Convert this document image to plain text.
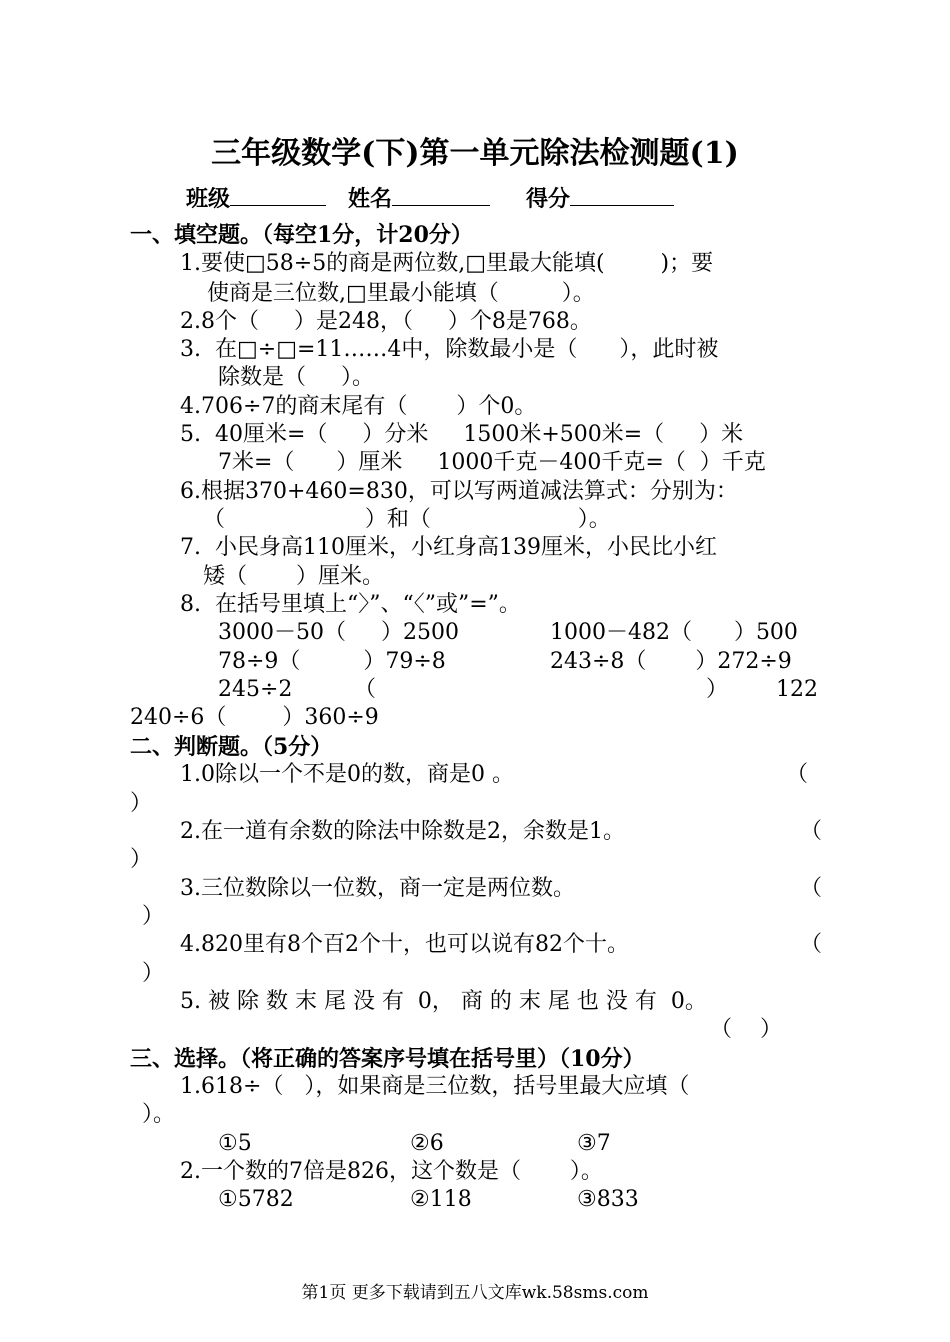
三年级数学(下)第一单元除法检测题(1)
班级	姓名	得分
一、填空题。（每空1分，计20分）
1.要使□58÷5的商是两位数,□里最大能填(        )；要
使商是三位数,□里最小能填（         ）。
2.8个（     ）是248，（     ）个8是768。
3.  在□÷□=11……4中，除数最小是（      ），此时被
除数是（     ）。
4.706÷7的商末尾有（       ）个0。
5.  40厘米=（     ）分米     1500米+500米=（     ）米
7米=（      ）厘米     1000千克－400千克=（  ）千克
6.根据370+460=830，可以写两道减法算式：分别为：
（                    ）和（                     ）。
7.  小民身高110厘米，小红身高139厘米，小民比小红
矮（       ）厘米。
8.  在括号里填上“〉”、“〈”或”=”。
3000－50（     ）2500	1000－482（      ）500
78÷9（         ）79÷8	243÷8（       ）272÷9
245÷2	（	） 122
240÷6（        ）360÷9
二、判断题。（5分）
1.0除以一个不是0的数，商是0 。	（
）
2.在一道有余数的除法中除数是2，余数是1。	（
）
3.三位数除以一位数，商一定是两位数。	（
）
4.820里有8个百2个十，也可以说有82个十。	（
）
5. 被 除 数 末 尾 没 有  0， 商 的 末 尾 也 没 有  0。
（    ）
三、选择。（将正确的答案序号填在括号里）（10分）
1.618÷（   ），如果商是三位数，括号里最大应填（
）。
①5	②6	③7
2.一个数的7倍是826，这个数是（       ）。
①5782	②118	③833
第1页 更多下载请到五八文库wk.58sms.com
